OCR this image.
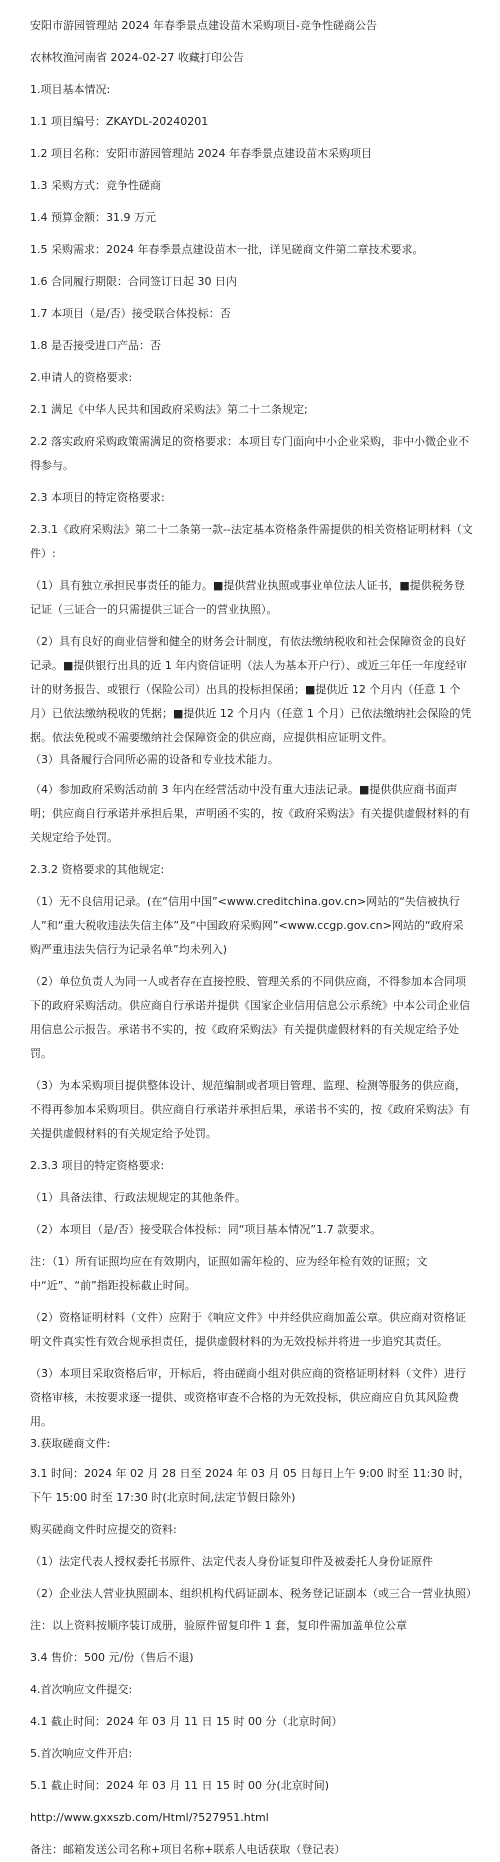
安阳市游园管理站 2024 年春季景点建设苗木采购项目-竞争性磋商公告

农林牧渔河南省 2024-02-27 收藏打印公告

1.项目基本情况:

1.1 项目编号：ZKAYDL-20240201

1.2 项目名称：安阳市游园管理站 2024 年春季景点建设苗木采购项目

1.3 采购方式：竞争性磋商

1.4 预算金额：31.9 万元

1.5 采购需求：2024 年春季景点建设苗木一批，详见磋商文件第二章技术要求。

1.6 合同履行期限：合同签订日起 30 日内

1.7 本项目（是/否）接受联合体投标：否

1.8 是否接受进口产品：否

2.申请人的资格要求:

2.1 满足《中华人民共和国政府采购法》第二十二条规定;

2.2 落实政府采购政策需满足的资格要求：本项目专门面向中小企业采购，非中小微企业不得参与。

2.3 本项目的特定资格要求:

2.3.1《政府采购法》第二十二条第一款--法定基本资格条件需提供的相关资格证明材料（文件）:

（1）具有独立承担民事责任的能力。■提供营业执照或事业单位法人证书，■提供税务登记证（三证合一的只需提供三证合一的营业执照）。

（2）具有良好的商业信誉和健全的财务会计制度，有依法缴纳税收和社会保障资金的良好记录。■提供银行出具的近 1 年内资信证明（法人为基本开户行）、或近三年任一年度经审计的财务报告、或银行（保险公司）出具的投标担保函；■提供近 12 个月内（任意 1 个月）已依法缴纳税收的凭据；■提供近 12 个月内（任意 1 个月）已依法缴纳社会保险的凭据。依法免税或不需要缴纳社会保障资金的供应商，应提供相应证明文件。

（3）具备履行合同所必需的设备和专业技术能力。

（4）参加政府采购活动前 3 年内在经营活动中没有重大违法记录。■提供供应商书面声明；供应商自行承诺并承担后果，声明函不实的，按《政府采购法》有关提供虚假材料的有关规定给予处罚。

2.3.2 资格要求的其他规定:

（1）无不良信用记录。(在“信用中国”<www.creditchina.gov.cn>网站的“失信被执行人”和“重大税收违法失信主体”及“中国政府采购网”<www.ccgp.gov.cn>网站的“政府采购严重违法失信行为记录名单”均未列入)

（2）单位负责人为同一人或者存在直接控股、管理关系的不同供应商，不得参加本合同项下的政府采购活动。供应商自行承诺并提供《国家企业信用信息公示系统》中本公司企业信用信息公示报告。承诺书不实的，按《政府采购法》有关提供虚假材料的有关规定给予处罚。

（3）为本采购项目提供整体设计、规范编制或者项目管理、监理、检测等服务的供应商，不得再参加本采购项目。供应商自行承诺并承担后果，承诺书不实的，按《政府采购法》有关提供虚假材料的有关规定给予处罚。

2.3.3 项目的特定资格要求:

（1）具备法律、行政法规规定的其他条件。

（2）本项目（是/否）接受联合体投标：同“项目基本情况”1.7 款要求。

注：（1）所有证照均应在有效期内，证照如需年检的、应为经年检有效的证照；文中“近”、“前”指距投标截止时间。

（2）资格证明材料（文件）应附于《响应文件》中并经供应商加盖公章。供应商对资格证明文件真实性有效合规承担责任，提供虚假材料的为无效投标并将进一步追究其责任。

（3）本项目采取资格后审，开标后，将由磋商小组对供应商的资格证明材料（文件）进行资格审核，未按要求逐一提供、或资格审查不合格的为无效投标，供应商应自负其风险费用。

3.获取磋商文件:

3.1 时间：2024 年 02 月 28 日至 2024 年 03 月 05 日每日上午 9:00 时至 11:30 时，下午 15:00 时至 17:30 时(北京时间,法定节假日除外)

购买磋商文件时应提交的资料:

（1）法定代表人授权委托书原件、法定代表人身份证复印件及被委托人身份证原件

（2）企业法人营业执照副本、组织机构代码证副本、税务登记证副本（或三合一营业执照）

注：以上资料按顺序装订成册，验原件留复印件 1 套，复印件需加盖单位公章

3.4 售价：500 元/份（售后不退)

4.首次响应文件提交:

4.1 截止时间：2024 年 03 月 11 日 15 时 00 分（北京时间）

5.首次响应文件开启:

5.1 截止时间：2024 年 03 月 11 日 15 时 00 分(北京时间)

http://www.gxxszb.com/Html/?527951.html

备注：邮箱发送公司名称+项目名称+联系人电话获取（登记表）
